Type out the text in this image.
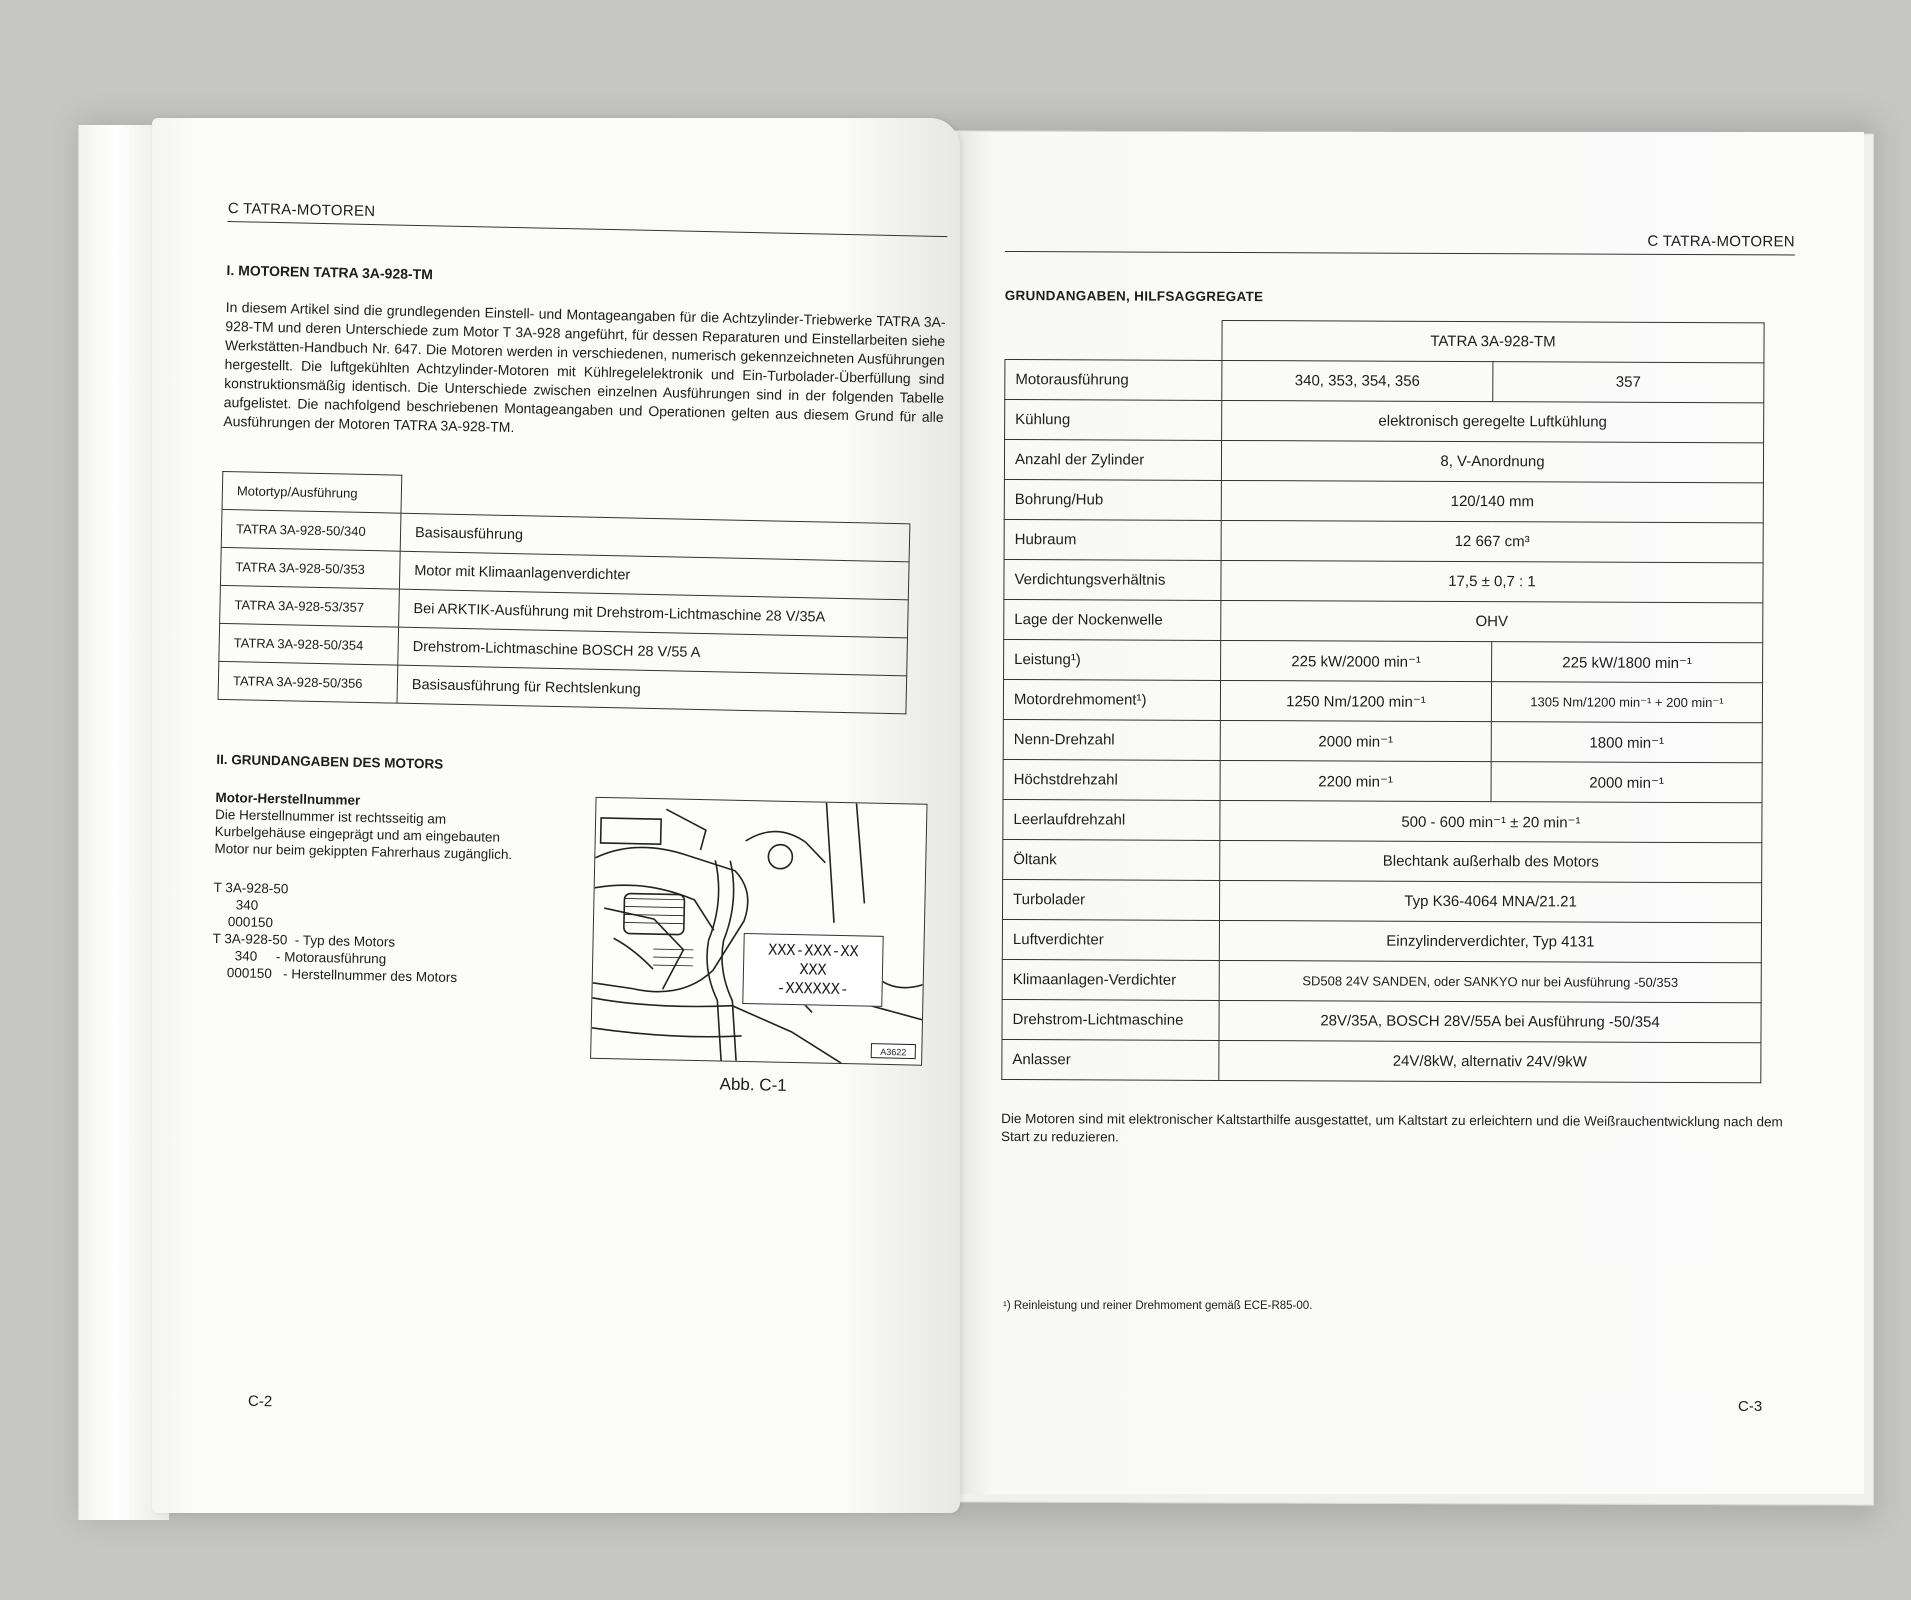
C TATRA-MOTOREN
I. MOTOREN TATRA 3A-928-TM
In diesem Artikel sind die grundlegenden Einstell- und Montageangaben für die Achtzylinder-Triebwerke TATRA 3A-928-TM und deren Unterschiede zum Motor T 3A-928 angeführt, für dessen Reparaturen und Einstellarbeiten siehe Werkstätten-Handbuch Nr. 647. Die Motoren werden in verschiedenen, numerisch gekennzeichneten Ausführungen hergestellt. Die luftgekühlten Achtzylinder-Motoren mit Kühlregelelektronik und Ein-Turbolader-Überfüllung sind konstruktionsmäßig identisch. Die Unterschiede zwischen einzelnen Ausführungen sind in der folgenden Tabelle aufgelistet. Die nachfolgend beschriebenen Montageangaben und Operationen gelten aus diesem Grund für alle Ausführungen der Motoren TATRA 3A-928-TM.
Motortyp/Ausführung	
TATRA 3A-928-50/340	Basisausführung
TATRA 3A-928-50/353	Motor mit Klimaanlagenverdichter
TATRA 3A-928-53/357	Bei ARKTIK-Ausführung mit Drehstrom-Lichtmaschine 28 V/35A
TATRA 3A-928-50/354	Drehstrom-Lichtmaschine BOSCH 28 V/55 A
TATRA 3A-928-50/356	Basisausführung für Rechtslenkung
II. GRUNDANGABEN DES MOTORS
Motor-Herstellnummer
Die Herstellnummer ist rechtsseitig am Kurbelgehäuse eingeprägt und am eingebauten Motor nur beim gekippten Fahrerhaus zugänglich.
T 3A-928-50
340
000150
T 3A-928-50  - Typ des Motors
340     - Motorausführung
000150   - Herstellnummer des Motors
A3622
XXX-XXX-XX
XXX
-XXXXXX-
Abb. C-1
C-2
C TATRA-MOTOREN
GRUNDANGABEN, HILFSAGGREGATE
	TATRA 3A-928-TM	
Motorausführung	340, 353, 354, 356	357
Kühlung	elektronisch geregelte Luftkühlung	
Anzahl der Zylinder	8, V-Anordnung	
Bohrung/Hub	120/140 mm	
Hubraum	12 667 cm³	
Verdichtungsverhältnis	17,5 ± 0,7 : 1	
Lage der Nockenwelle	OHV	
Leistung¹)	225 kW/2000 min⁻¹	225 kW/1800 min⁻¹
Motordrehmoment¹)	1250 Nm/1200 min⁻¹	1305 Nm/1200 min⁻¹ + 200 min⁻¹
Nenn-Drehzahl	2000 min⁻¹	1800 min⁻¹
Höchstdrehzahl	2200 min⁻¹	2000 min⁻¹
Leerlaufdrehzahl	500 - 600 min⁻¹ ± 20 min⁻¹	
Öltank	Blechtank außerhalb des Motors	
Turbolader	Typ K36-4064 MNA/21.21	
Luftverdichter	Einzylinderverdichter, Typ 4131	
Klimaanlagen-Verdichter	SD508 24V SANDEN, oder SANKYO nur bei Ausführung -50/353	
Drehstrom-Lichtmaschine	28V/35A, BOSCH 28V/55A bei Ausführung -50/354	
Anlasser	24V/8kW, alternativ 24V/9kW	
Die Motoren sind mit elektronischer Kaltstarthilfe ausgestattet, um Kaltstart zu erleichtern und die Weißrauchentwicklung nach dem Start zu reduzieren.
¹) Reinleistung und reiner Drehmoment gemäß ECE-R85-00.
C-3
